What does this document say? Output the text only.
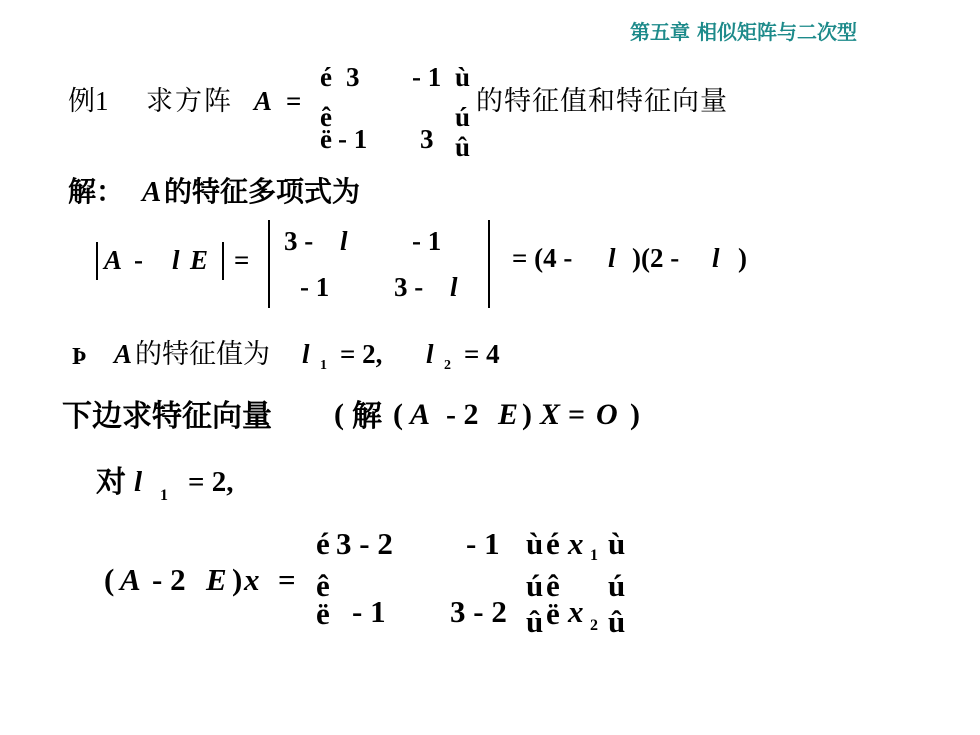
第五章 相似矩阵与二次型
例1 求方阵 A =
é 3 - 1 ù
ê	ú
ë - 1 3 û
的特征值和特征向量
解： A 的特征多项式为
A - l E =
3 - l - 1
- 1 3 - l
= (4 - l )(2 - l )
Þ A 的特征值为 l 1 = 2, l 2 = 4
下边求特征向量 ( 解 ( A - 2 E ) X = O )
对 l 1 = 2,
( A - 2 E ) x =
é 3 - 2 - 1 ù é x 1 ù
ê	ú ê ú
ë - 1 3 - 2 û ë x 2 û
